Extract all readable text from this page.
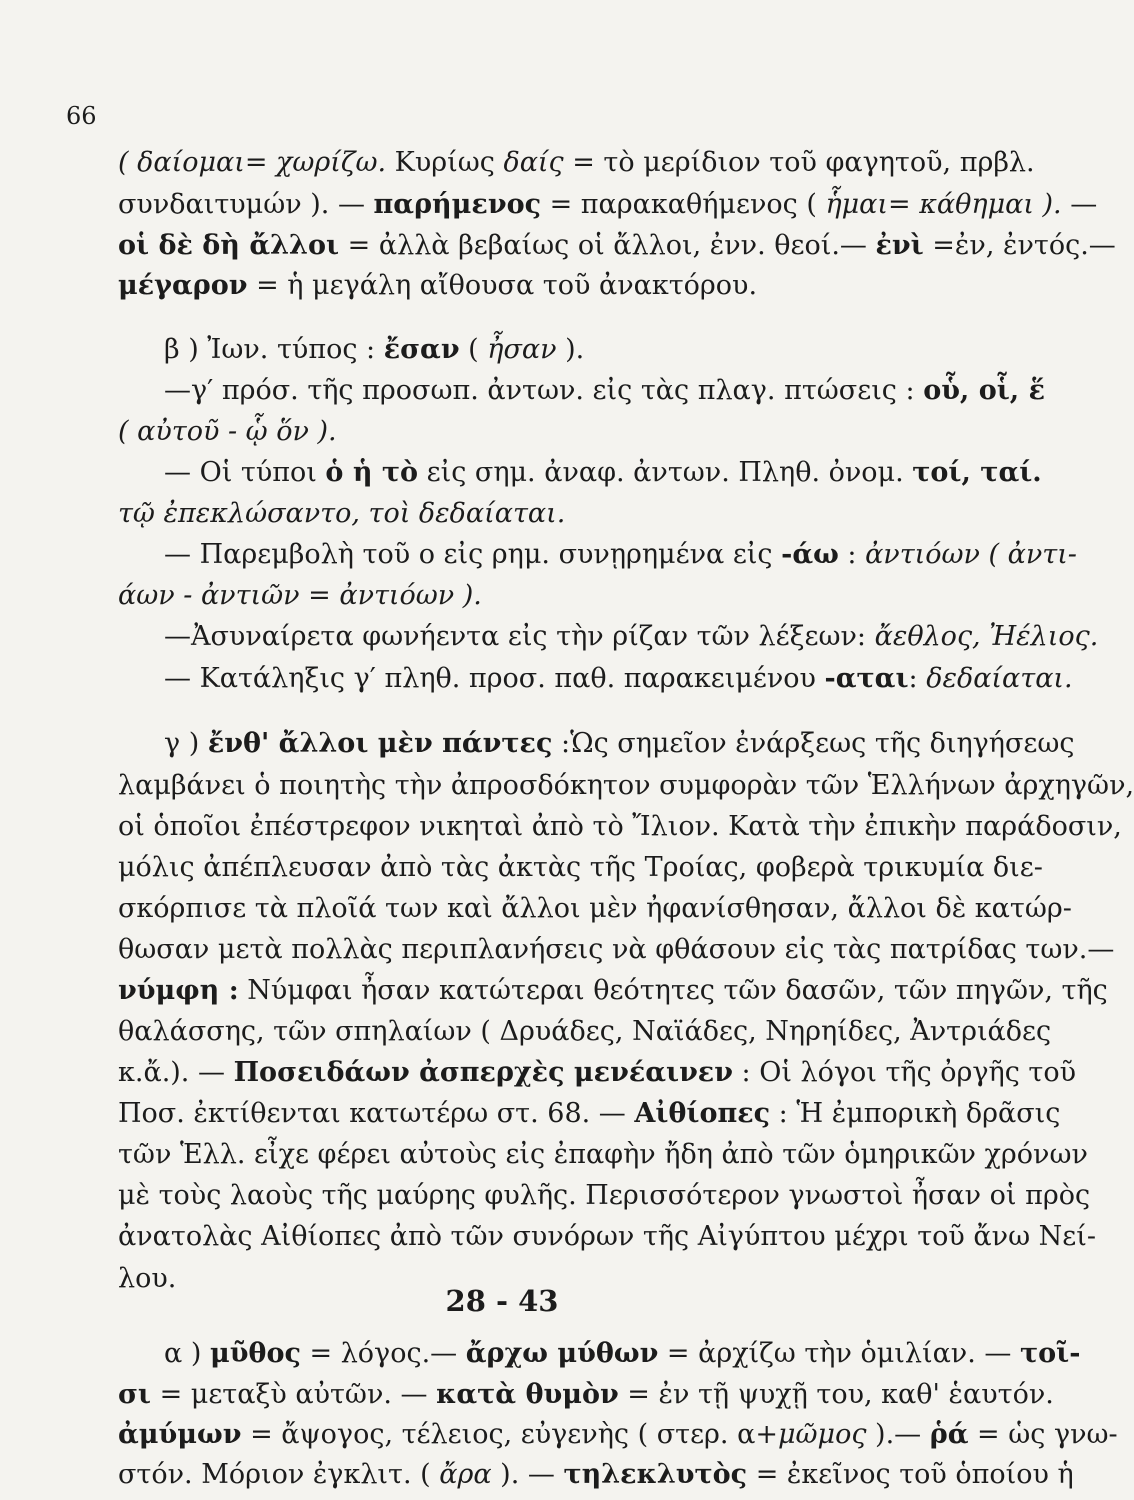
66
( δαίομαι= χωρίζω. Κυρίως δαίς = τὸ μερίδιον τοῦ φαγητοῦ, πρβλ.
συνδαιτυμών ). — παρήμενος = παρακαθήμενος ( ἧμαι= κάθημαι ). —
οἱ δὲ δὴ ἄλλοι = ἀλλὰ βεβαίως οἱ ἄλλοι, ἐνν. θεοί.— ἐνὶ =ἐν, ἐντός.—
μέγαρον = ἡ μεγάλη αἴθουσα τοῦ ἀνακτόρου.
β ) Ἰων. τύπος : ἔσαν ( ἦσαν ).
—γ′ πρόσ. τῆς προσωπ. ἀντων. εἰς τὰς πλαγ. πτώσεις : οὗ, οἷ, ἕ
( αὐτοῦ - ᾧ ὅν ).
— Οἱ τύποι ὁ ἡ τὸ εἰς σημ. ἀναφ. ἀντων. Πληθ. ὀνομ. τοί, ταί.
τῷ ἐπεκλώσαντο, τοὶ δεδαίαται.
— Παρεμβολὴ τοῦ ο εἰς ρημ. συνῃρημένα εἰς -άω : ἀντιόων ( ἀντι-
άων - ἀντιῶν = ἀντιόων ).
—Ἀσυναίρετα φωνήεντα εἰς τὴν ρίζαν τῶν λέξεων: ἄεθλος, Ἠέλιος.
— Κατάληξις γ′ πληθ. προσ. παθ. παρακειμένου -αται: δεδαίαται.
γ ) ἔνθ' ἄλλοι μὲν πάντες :Ὡς σημεῖον ἐνάρξεως τῆς διηγήσεως
λαμβάνει ὁ ποιητὴς τὴν ἀπροσδόκητον συμφορὰν τῶν Ἑλλήνων ἀρχηγῶν,
οἱ ὁποῖοι ἐπέστρεφον νικηταὶ ἀπὸ τὸ Ἴλιον. Κατὰ τὴν ἐπικὴν παράδοσιν,
μόλις ἀπέπλευσαν ἀπὸ τὰς ἀκτὰς τῆς Τροίας, φοβερὰ τρικυμία διε-
σκόρπισε τὰ πλοῖά των καὶ ἄλλοι μὲν ἠφανίσθησαν, ἄλλοι δὲ κατώρ-
θωσαν μετὰ πολλὰς περιπλανήσεις νὰ φθάσουν εἰς τὰς πατρίδας των.—
νύμφη : Νύμφαι ἦσαν κατώτεραι θεότητες τῶν δασῶν, τῶν πηγῶν, τῆς
θαλάσσης, τῶν σπηλαίων ( Δρυάδες, Ναϊάδες, Νηρηίδες, Ἀντριάδες
κ.ἄ.). — Ποσειδάων ἀσπερχὲς μενέαινεν : Οἱ λόγοι τῆς ὀργῆς τοῦ
Ποσ. ἐκτίθενται κατωτέρω στ. 68. — Αἰθίοπες : Ἡ ἐμπορικὴ δρᾶσις
τῶν Ἑλλ. εἶχε φέρει αὐτοὺς εἰς ἐπαφὴν ἤδη ἀπὸ τῶν ὁμηρικῶν χρόνων
μὲ τοὺς λαοὺς τῆς μαύρης φυλῆς. Περισσότερον γνωστοὶ ἦσαν οἱ πρὸς
ἀνατολὰς Αἰθίοπες ἀπὸ τῶν συνόρων τῆς Αἰγύπτου μέχρι τοῦ ἄνω Νεί-
λου.
28 - 43
α ) μῦθος = λόγος.— ἄρχω μύθων = ἀρχίζω τὴν ὁμιλίαν. — τοῖ-
σι = μεταξὺ αὐτῶν. — κατὰ θυμὸν = ἐν τῇ ψυχῇ του, καθ' ἑαυτόν.
ἀμύμων = ἄψογος, τέλειος, εὐγενὴς ( στερ. α+μῶμος ).— ῥά = ὡς γνω-
στόν. Μόριον ἐγκλιτ. ( ἄρα ). — τηλεκλυτὸς = ἐκεῖνος τοῦ ὁποίου ἡ
